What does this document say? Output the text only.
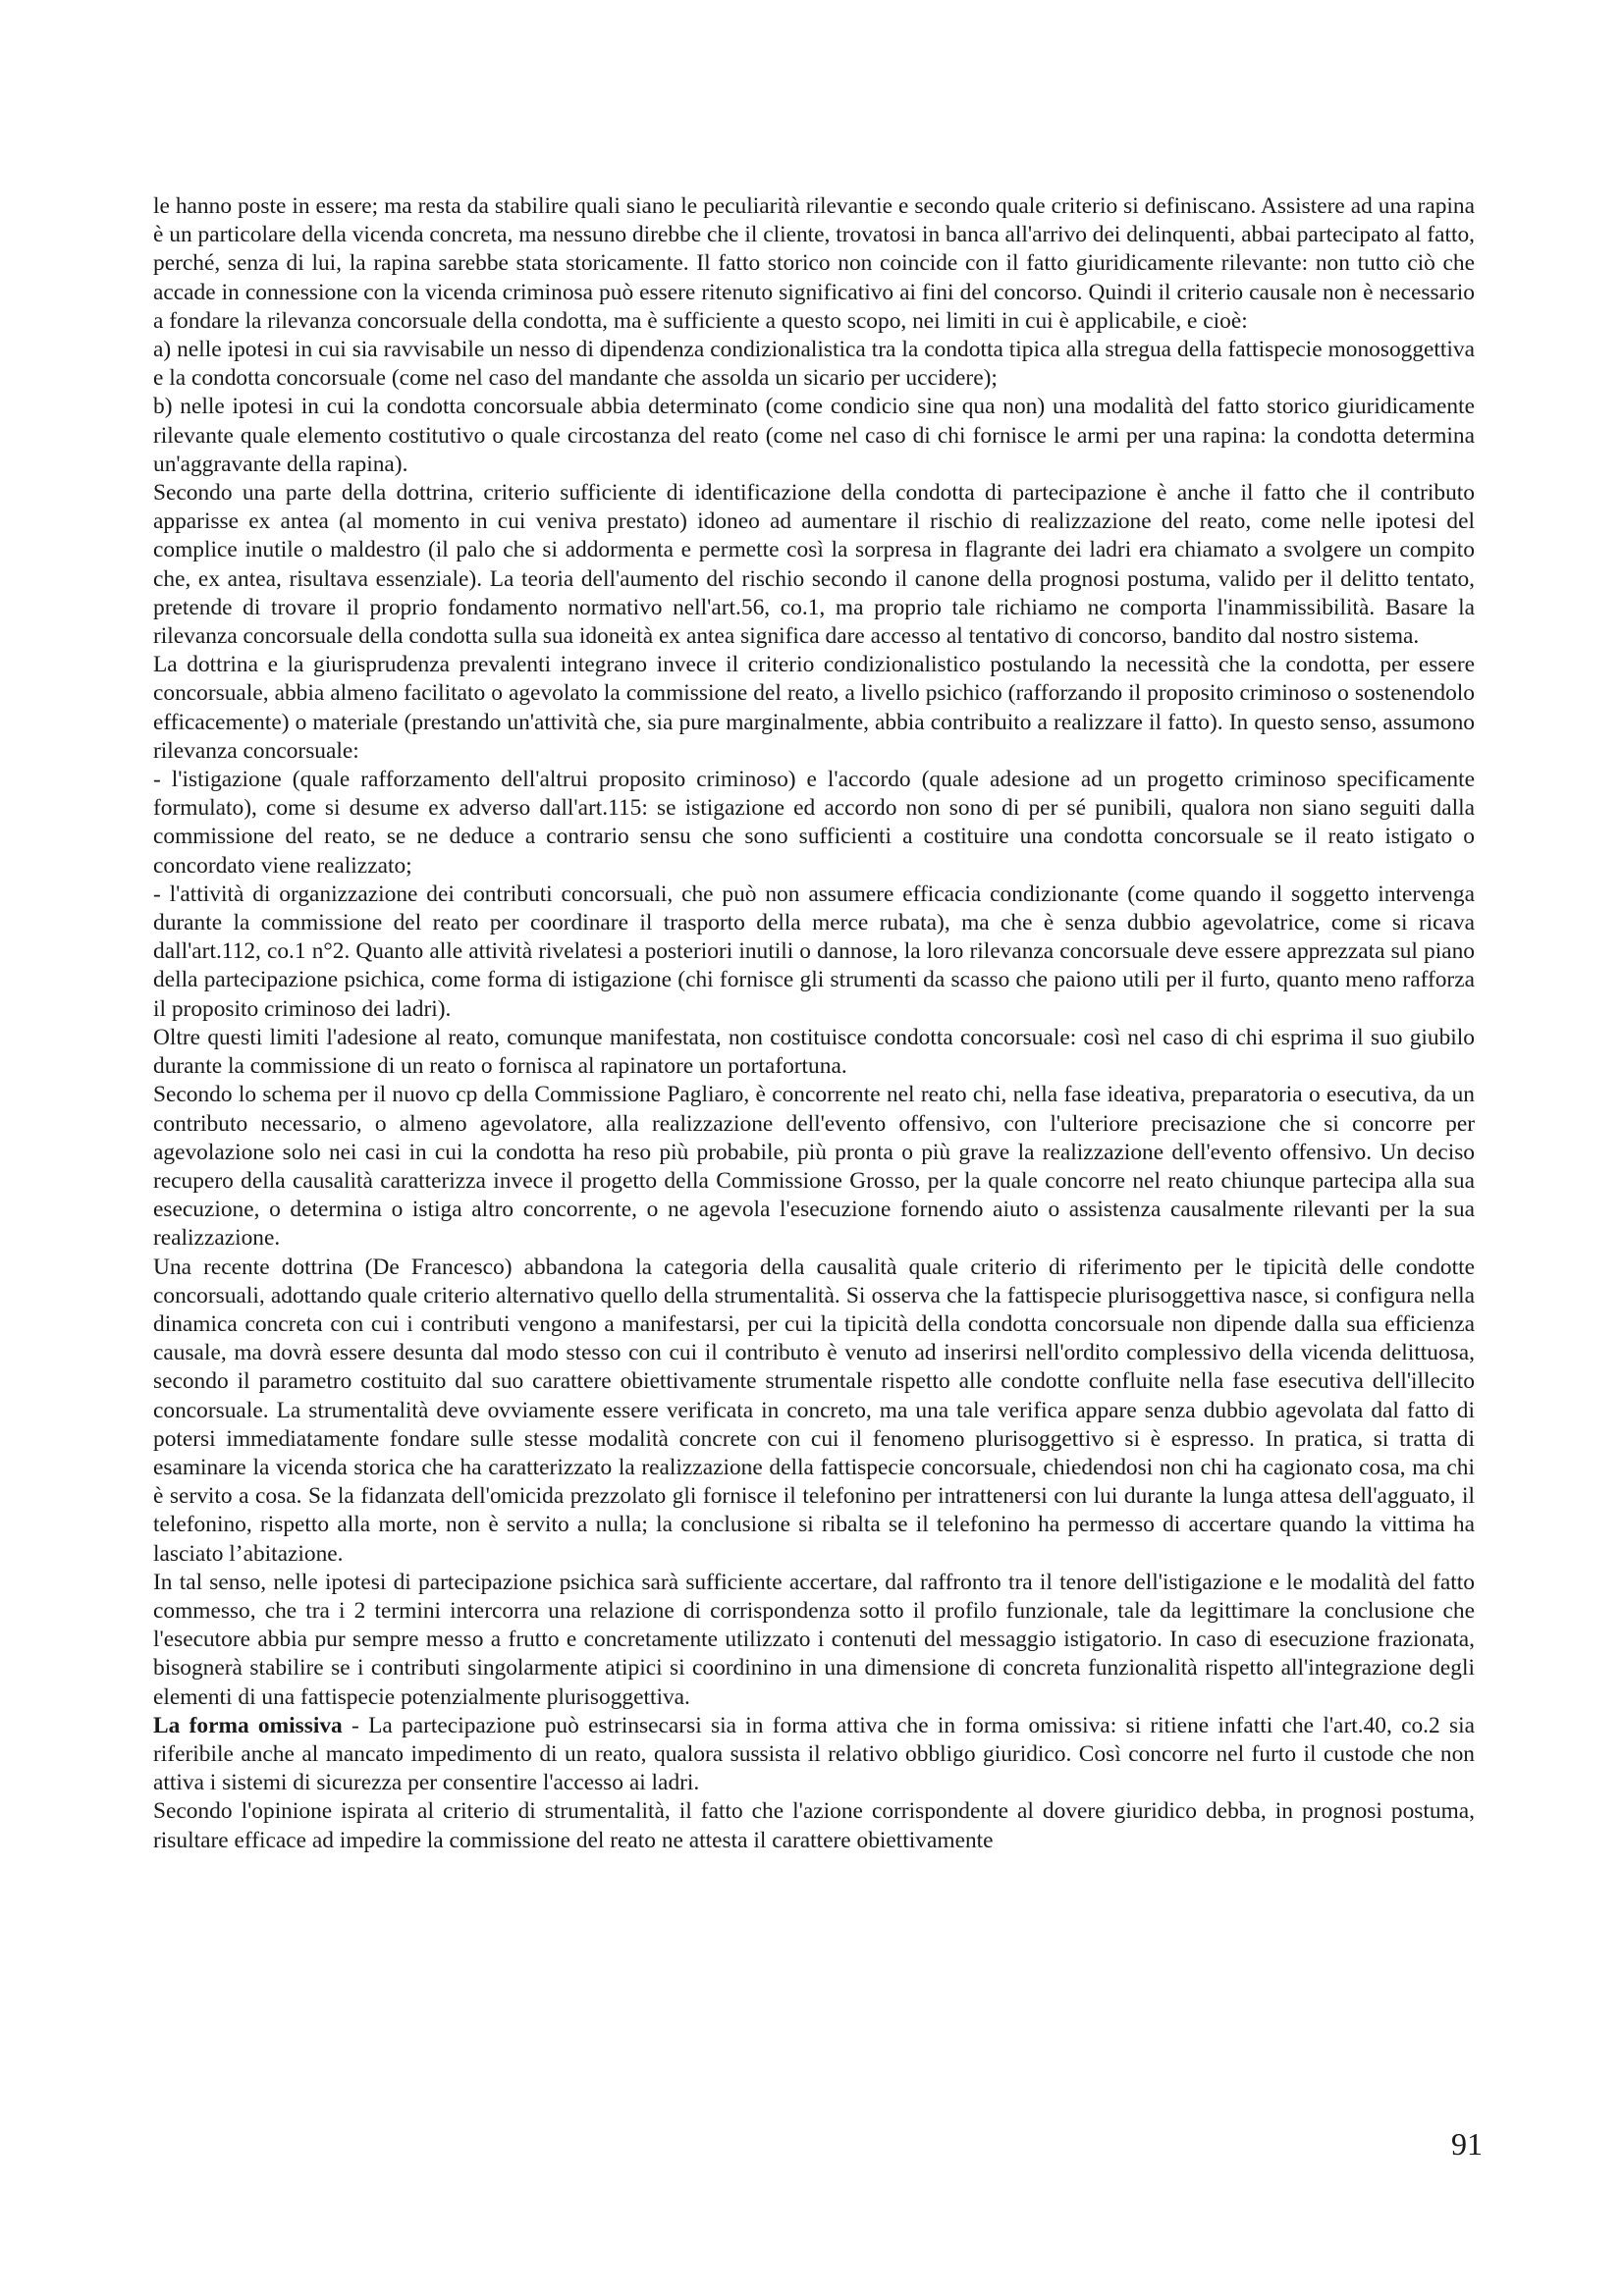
le hanno poste in essere; ma resta da stabilire quali siano le peculiarità rilevantie e secondo quale criterio si definiscano. Assistere ad una rapina è un particolare della vicenda concreta, ma nessuno direbbe che il cliente, trovatosi in banca all'arrivo dei delinquenti, abbai partecipato al fatto, perché, senza di lui, la rapina sarebbe stata storicamente. Il fatto storico non coincide con il fatto giuridicamente rilevante: non tutto ciò che accade in connessione con la vicenda criminosa può essere ritenuto significativo ai fini del concorso. Quindi il criterio causale non è necessario a fondare la rilevanza concorsuale della condotta, ma è sufficiente a questo scopo, nei limiti in cui è applicabile, e cioè:

a) nelle ipotesi in cui sia ravvisabile un nesso di dipendenza condizionalistica tra la condotta tipica alla stregua della fattispecie monosoggettiva e la condotta concorsuale (come nel caso del mandante che assolda un sicario per uccidere);

b) nelle ipotesi in cui la condotta concorsuale abbia determinato (come condicio sine qua non) una modalità del fatto storico giuridicamente rilevante quale elemento costitutivo o quale circostanza del reato (come nel caso di chi fornisce le armi per una rapina: la condotta determina un'aggravante della rapina).

Secondo una parte della dottrina, criterio sufficiente di identificazione della condotta di partecipazione è anche il fatto che il contributo apparisse ex antea (al momento in cui veniva prestato) idoneo ad aumentare il rischio di realizzazione del reato, come nelle ipotesi del complice inutile o maldestro (il palo che si addormenta e permette così la sorpresa in flagrante dei ladri era chiamato a svolgere un compito che, ex antea, risultava essenziale). La teoria dell'aumento del rischio secondo il canone della prognosi postuma, valido per il delitto tentato, pretende di trovare il proprio fondamento normativo nell'art.56, co.1, ma proprio tale richiamo ne comporta l'inammissibilità. Basare la rilevanza concorsuale della condotta sulla sua idoneità ex antea significa dare accesso al tentativo di concorso, bandito dal nostro sistema.

La dottrina e la giurisprudenza prevalenti integrano invece il criterio condizionalistico postulando la necessità che la condotta, per essere concorsuale, abbia almeno facilitato o agevolato la commissione del reato, a livello psichico (rafforzando il proposito criminoso o sostenendolo efficacemente) o materiale (prestando un'attività che, sia pure marginalmente, abbia contribuito a realizzare il fatto). In questo senso, assumono rilevanza concorsuale:

- l'istigazione (quale rafforzamento dell'altrui proposito criminoso) e l'accordo (quale adesione ad un progetto criminoso specificamente formulato), come si desume ex adverso dall'art.115: se istigazione ed accordo non sono di per sé punibili, qualora non siano seguiti dalla commissione del reato, se ne deduce a contrario sensu che sono sufficienti a costituire una condotta concorsuale se il reato istigato o concordato viene realizzato;

- l'attività di organizzazione dei contributi concorsuali, che può non assumere efficacia condizionante (come quando il soggetto intervenga durante la commissione del reato per coordinare il trasporto della merce rubata), ma che è senza dubbio agevolatrice, come si ricava dall'art.112, co.1 n°2. Quanto alle attività rivelatesi a posteriori inutili o dannose, la loro rilevanza concorsuale deve essere apprezzata sul piano della partecipazione psichica, come forma di istigazione (chi fornisce gli strumenti da scasso che paiono utili per il furto, quanto meno rafforza il proposito criminoso dei ladri).

Oltre questi limiti l'adesione al reato, comunque manifestata, non costituisce condotta concorsuale: così nel caso di chi esprima il suo giubilo durante la commissione di un reato o fornisca al rapinatore un portafortuna.

Secondo lo schema per il nuovo cp della Commissione Pagliaro, è concorrente nel reato chi, nella fase ideativa, preparatoria o esecutiva, da un contributo necessario, o almeno agevolatore, alla realizzazione dell'evento offensivo, con l'ulteriore precisazione che si concorre per agevolazione solo nei casi in cui la condotta ha reso più probabile, più pronta o più grave la realizzazione dell'evento offensivo. Un deciso recupero della causalità caratterizza invece il progetto della Commissione Grosso, per la quale concorre nel reato chiunque partecipa alla sua esecuzione, o determina o istiga altro concorrente, o ne agevola l'esecuzione fornendo aiuto o assistenza causalmente rilevanti per la sua realizzazione.

Una recente dottrina (De Francesco) abbandona la categoria della causalità quale criterio di riferimento per le tipicità delle condotte concorsuali, adottando quale criterio alternativo quello della strumentalità. Si osserva che la fattispecie plurisoggettiva nasce, si configura nella dinamica concreta con cui i contributi vengono a manifestarsi, per cui la tipicità della condotta concorsuale non dipende dalla sua efficienza causale, ma dovrà essere desunta dal modo stesso con cui il contributo è venuto ad inserirsi nell'ordito complessivo della vicenda delittuosa, secondo il parametro costituito dal suo carattere obiettivamente strumentale rispetto alle condotte confluite nella fase esecutiva dell'illecito concorsuale. La strumentalità deve ovviamente essere verificata in concreto, ma una tale verifica appare senza dubbio agevolata dal fatto di potersi immediatamente fondare sulle stesse modalità concrete con cui il fenomeno plurisoggettivo si è espresso. In pratica, si tratta di esaminare la vicenda storica che ha caratterizzato la realizzazione della fattispecie concorsuale, chiedendosi non chi ha cagionato cosa, ma chi è servito a cosa. Se la fidanzata dell'omicida prezzolato gli fornisce il telefonino per intrattenersi con lui durante la lunga attesa dell'agguato, il telefonino, rispetto alla morte, non è servito a nulla; la conclusione si ribalta se il telefonino ha permesso di accertare quando la vittima ha lasciato l’abitazione.

In tal senso, nelle ipotesi di partecipazione psichica sarà sufficiente accertare, dal raffronto tra il tenore dell'istigazione e le modalità del fatto commesso, che tra i 2 termini intercorra una relazione di corrispondenza sotto il profilo funzionale, tale da legittimare la conclusione che l'esecutore abbia pur sempre messo a frutto e concretamente utilizzato i contenuti del messaggio istigatorio. In caso di esecuzione frazionata, bisognerà stabilire se i contributi singolarmente atipici si coordinino in una dimensione di concreta funzionalità rispetto all'integrazione degli elementi di una fattispecie potenzialmente plurisoggettiva.

La forma omissiva - La partecipazione può estrinsecarsi sia in forma attiva che in forma omissiva: si ritiene infatti che l'art.40, co.2 sia riferibile anche al mancato impedimento di un reato, qualora sussista il relativo obbligo giuridico. Così concorre nel furto il custode che non attiva i sistemi di sicurezza per consentire l'accesso ai ladri.

Secondo l'opinione ispirata al criterio di strumentalità, il fatto che l'azione corrispondente al dovere giuridico debba, in prognosi postuma, risultare efficace ad impedire la commissione del reato ne attesta il carattere obiettivamente

91
